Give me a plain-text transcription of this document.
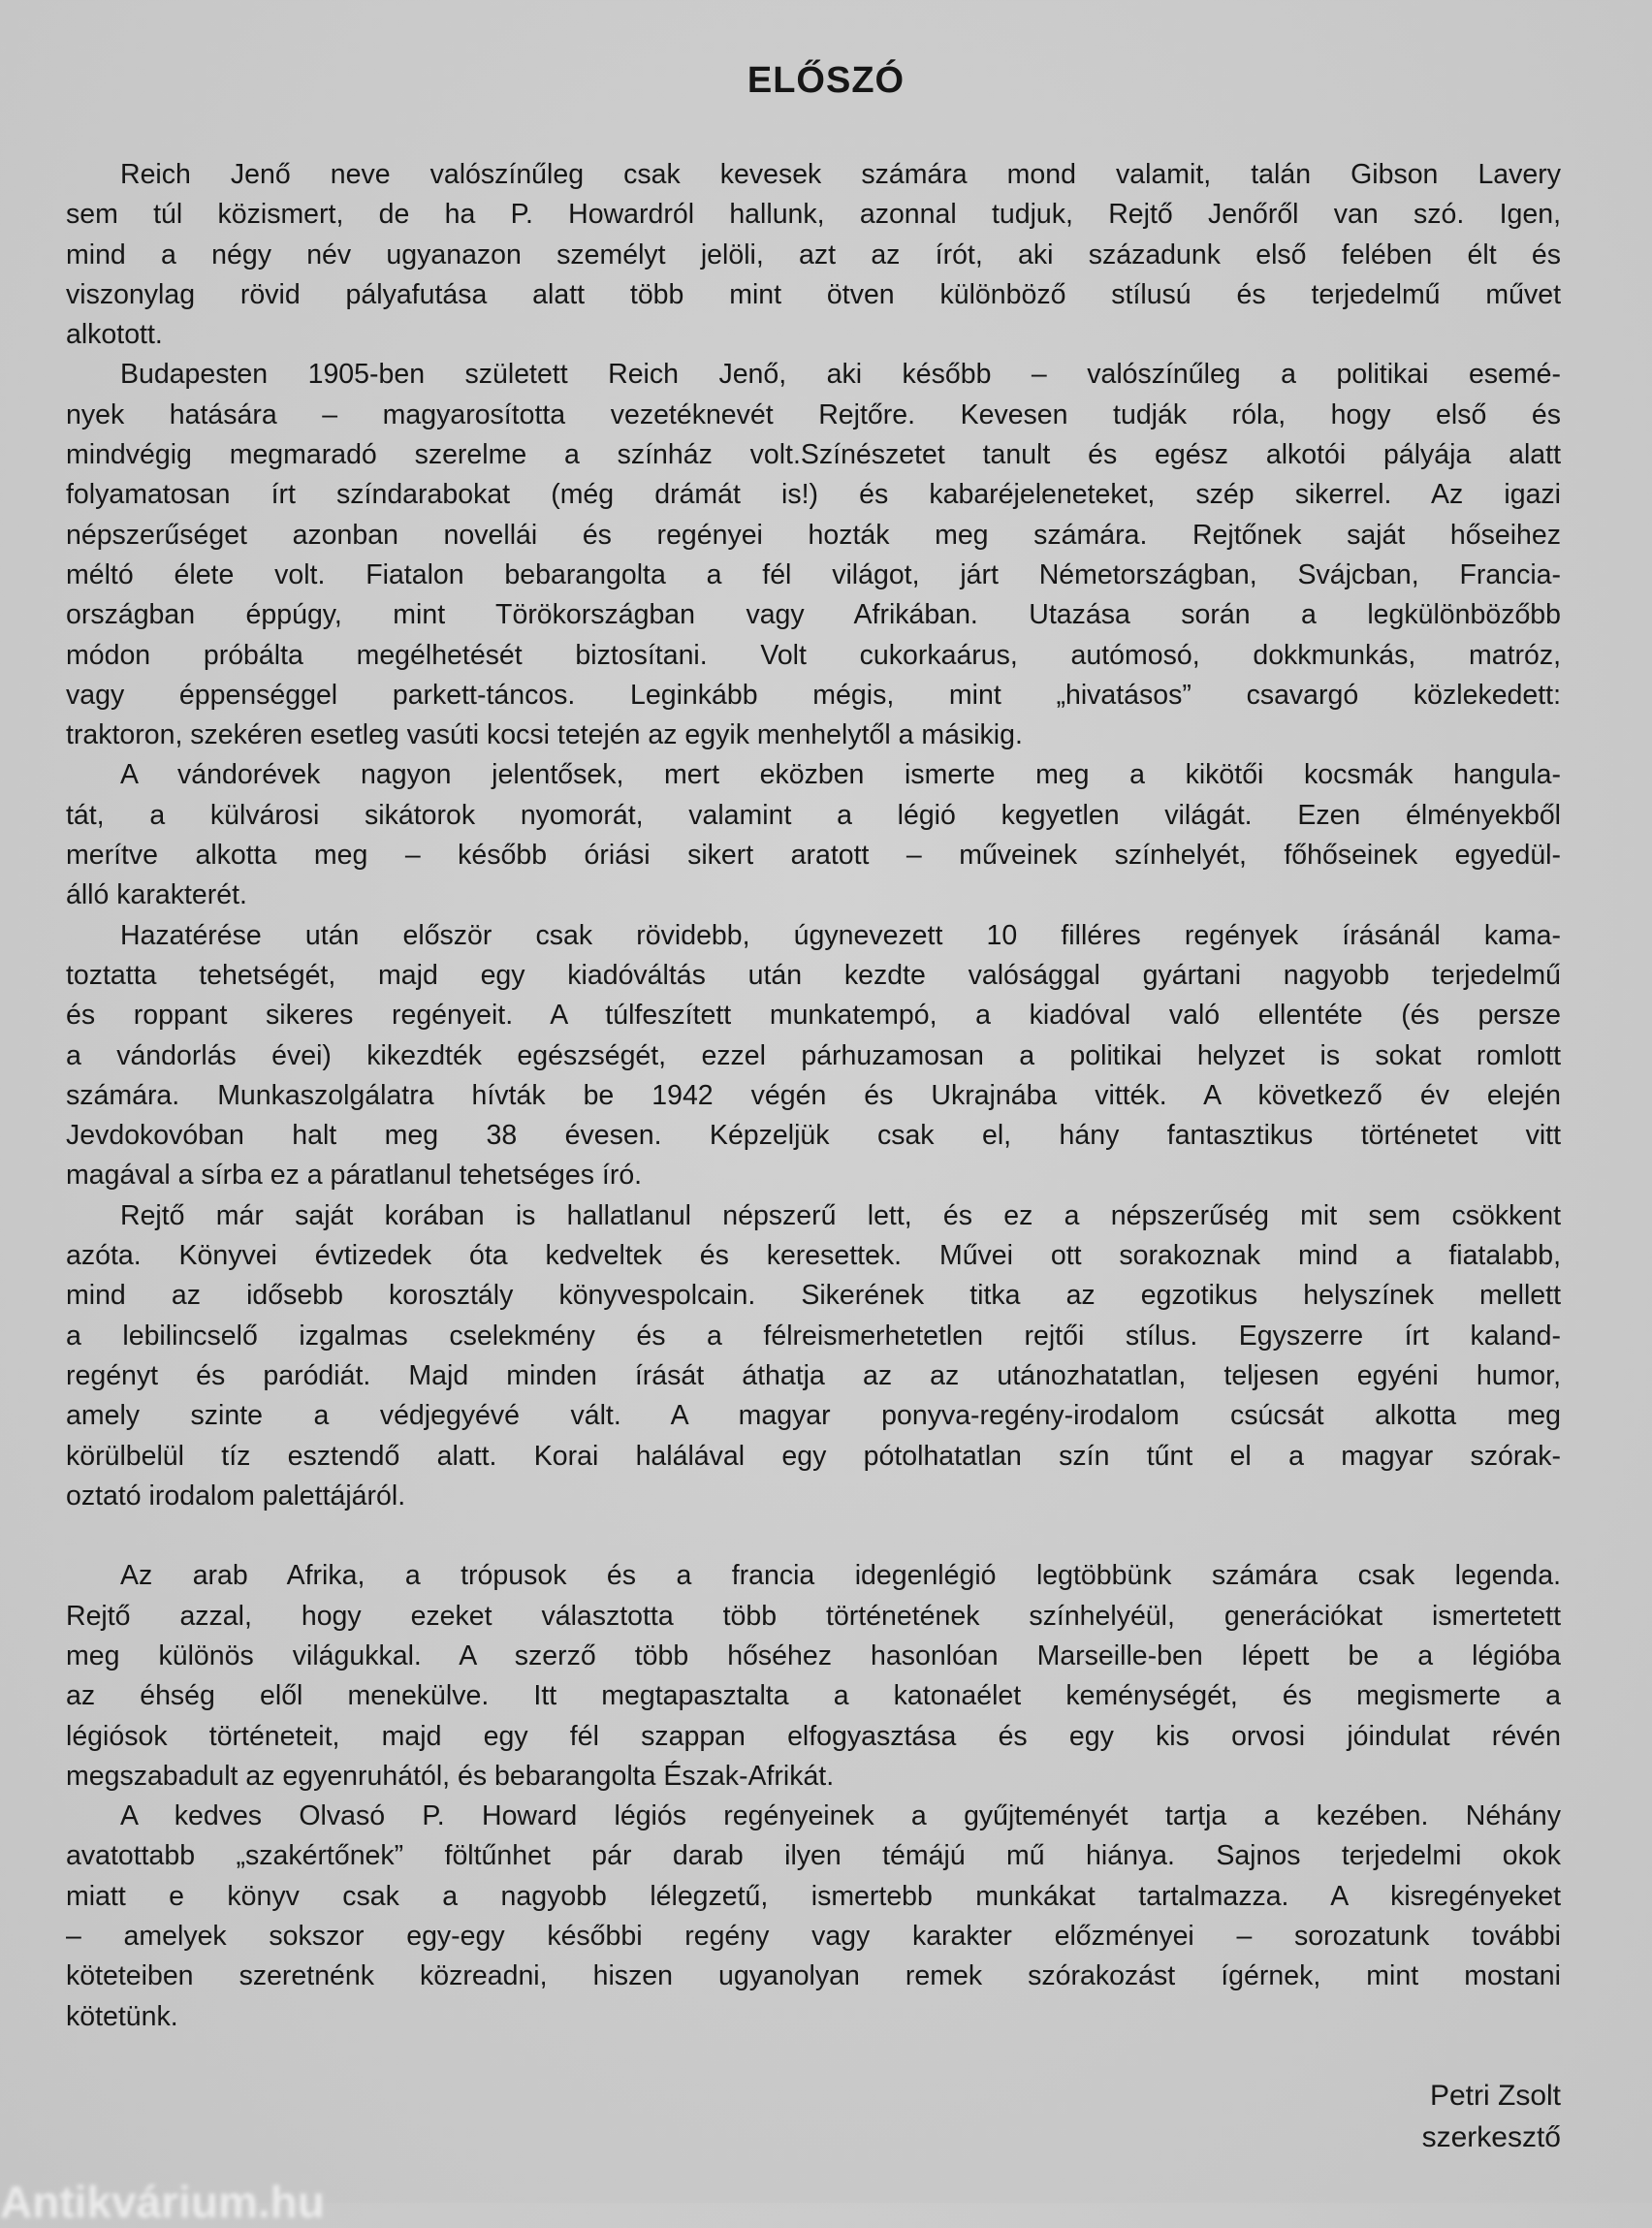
ELŐSZÓ
Reich Jenő neve valószínűleg csak kevesek számára mond valamit, talán Gibson Lavery
sem túl közismert, de ha P. Howardról hallunk, azonnal tudjuk, Rejtő Jenőről van szó. Igen,
mind a négy név ugyanazon személyt jelöli, azt az írót, aki századunk első felében élt és
viszonylag rövid pályafutása alatt több mint ötven különböző stílusú és terjedelmű művet
alkotott.
Budapesten 1905-ben született Reich Jenő, aki később – valószínűleg a politikai esemé-
nyek hatására – magyarosította vezetéknevét Rejtőre. Kevesen tudják róla, hogy első és
mindvégig megmaradó szerelme a színház volt.Színészetet tanult és egész alkotói pályája alatt
folyamatosan írt színdarabokat (még drámát is!) és kabaréjeleneteket, szép sikerrel. Az igazi
népszerűséget azonban novellái és regényei hozták meg számára. Rejtőnek saját hőseihez
méltó élete volt. Fiatalon bebarangolta a fél világot, járt Németországban, Svájcban, Francia-
országban éppúgy, mint Törökországban vagy Afrikában. Utazása során a legkülönbözőbb
módon próbálta megélhetését biztosítani. Volt cukorkaárus, autómosó, dokkmunkás, matróz,
vagy éppenséggel parkett-táncos. Leginkább mégis, mint „hivatásos” csavargó közlekedett:
traktoron, szekéren esetleg vasúti kocsi tetején az egyik menhelytől a másikig.
A vándorévek nagyon jelentősek, mert eközben ismerte meg a kikötői kocsmák hangula-
tát, a külvárosi sikátorok nyomorát, valamint a légió kegyetlen világát. Ezen élményekből
merítve alkotta meg – később óriási sikert aratott – műveinek színhelyét, főhőseinek egyedül-
álló karakterét.
Hazatérése után először csak rövidebb, úgynevezett 10 filléres regények írásánál kama-
toztatta tehetségét, majd egy kiadóváltás után kezdte valósággal gyártani nagyobb terjedelmű
és roppant sikeres regényeit. A túlfeszített munkatempó, a kiadóval való ellentéte (és persze
a vándorlás évei) kikezdték egészségét, ezzel párhuzamosan a politikai helyzet is sokat romlott
számára. Munkaszolgálatra hívták be 1942 végén és Ukrajnába vitték. A következő év elején
Jevdokovóban halt meg 38 évesen. Képzeljük csak el, hány fantasztikus történetet vitt
magával a sírba ez a páratlanul tehetséges író.
Rejtő már saját korában is hallatlanul népszerű lett, és ez a népszerűség mit sem csökkent
azóta. Könyvei évtizedek óta kedveltek és keresettek. Művei ott sorakoznak mind a fiatalabb,
mind az idősebb korosztály könyvespolcain. Sikerének titka az egzotikus helyszínek mellett
a lebilincselő izgalmas cselekmény és a félreismerhetetlen rejtői stílus. Egyszerre írt kaland-
regényt és paródiát. Majd minden írását áthatja az az utánozhatatlan, teljesen egyéni humor,
amely szinte a védjegyévé vált. A magyar ponyva-regény-irodalom csúcsát alkotta meg
körülbelül tíz esztendő alatt. Korai halálával egy pótolhatatlan szín tűnt el a magyar szórak-
oztató irodalom palettájáról.
Az arab Afrika, a trópusok és a francia idegenlégió legtöbbünk számára csak legenda.
Rejtő azzal, hogy ezeket választotta több történetének színhelyéül, generációkat ismertetett
meg különös világukkal. A szerző több hőséhez hasonlóan Marseille-ben lépett be a légióba
az éhség elől menekülve. Itt megtapasztalta a katonaélet keménységét, és megismerte a
légiósok történeteit, majd egy fél szappan elfogyasztása és egy kis orvosi jóindulat révén
megszabadult az egyenruhától, és bebarangolta Észak-Afrikát.
A kedves Olvasó P. Howard légiós regényeinek a gyűjteményét tartja a kezében. Néhány
avatottabb „szakértőnek” föltűnhet pár darab ilyen témájú mű hiánya. Sajnos terjedelmi okok
miatt e könyv csak a nagyobb lélegzetű, ismertebb munkákat tartalmazza. A kisregényeket
– amelyek sokszor egy-egy későbbi regény vagy karakter előzményei – sorozatunk további
köteteiben szeretnénk közreadni, hiszen ugyanolyan remek szórakozást ígérnek, mint mostani
kötetünk.
Petri Zsolt
szerkesztő
Antikvárium.hu
